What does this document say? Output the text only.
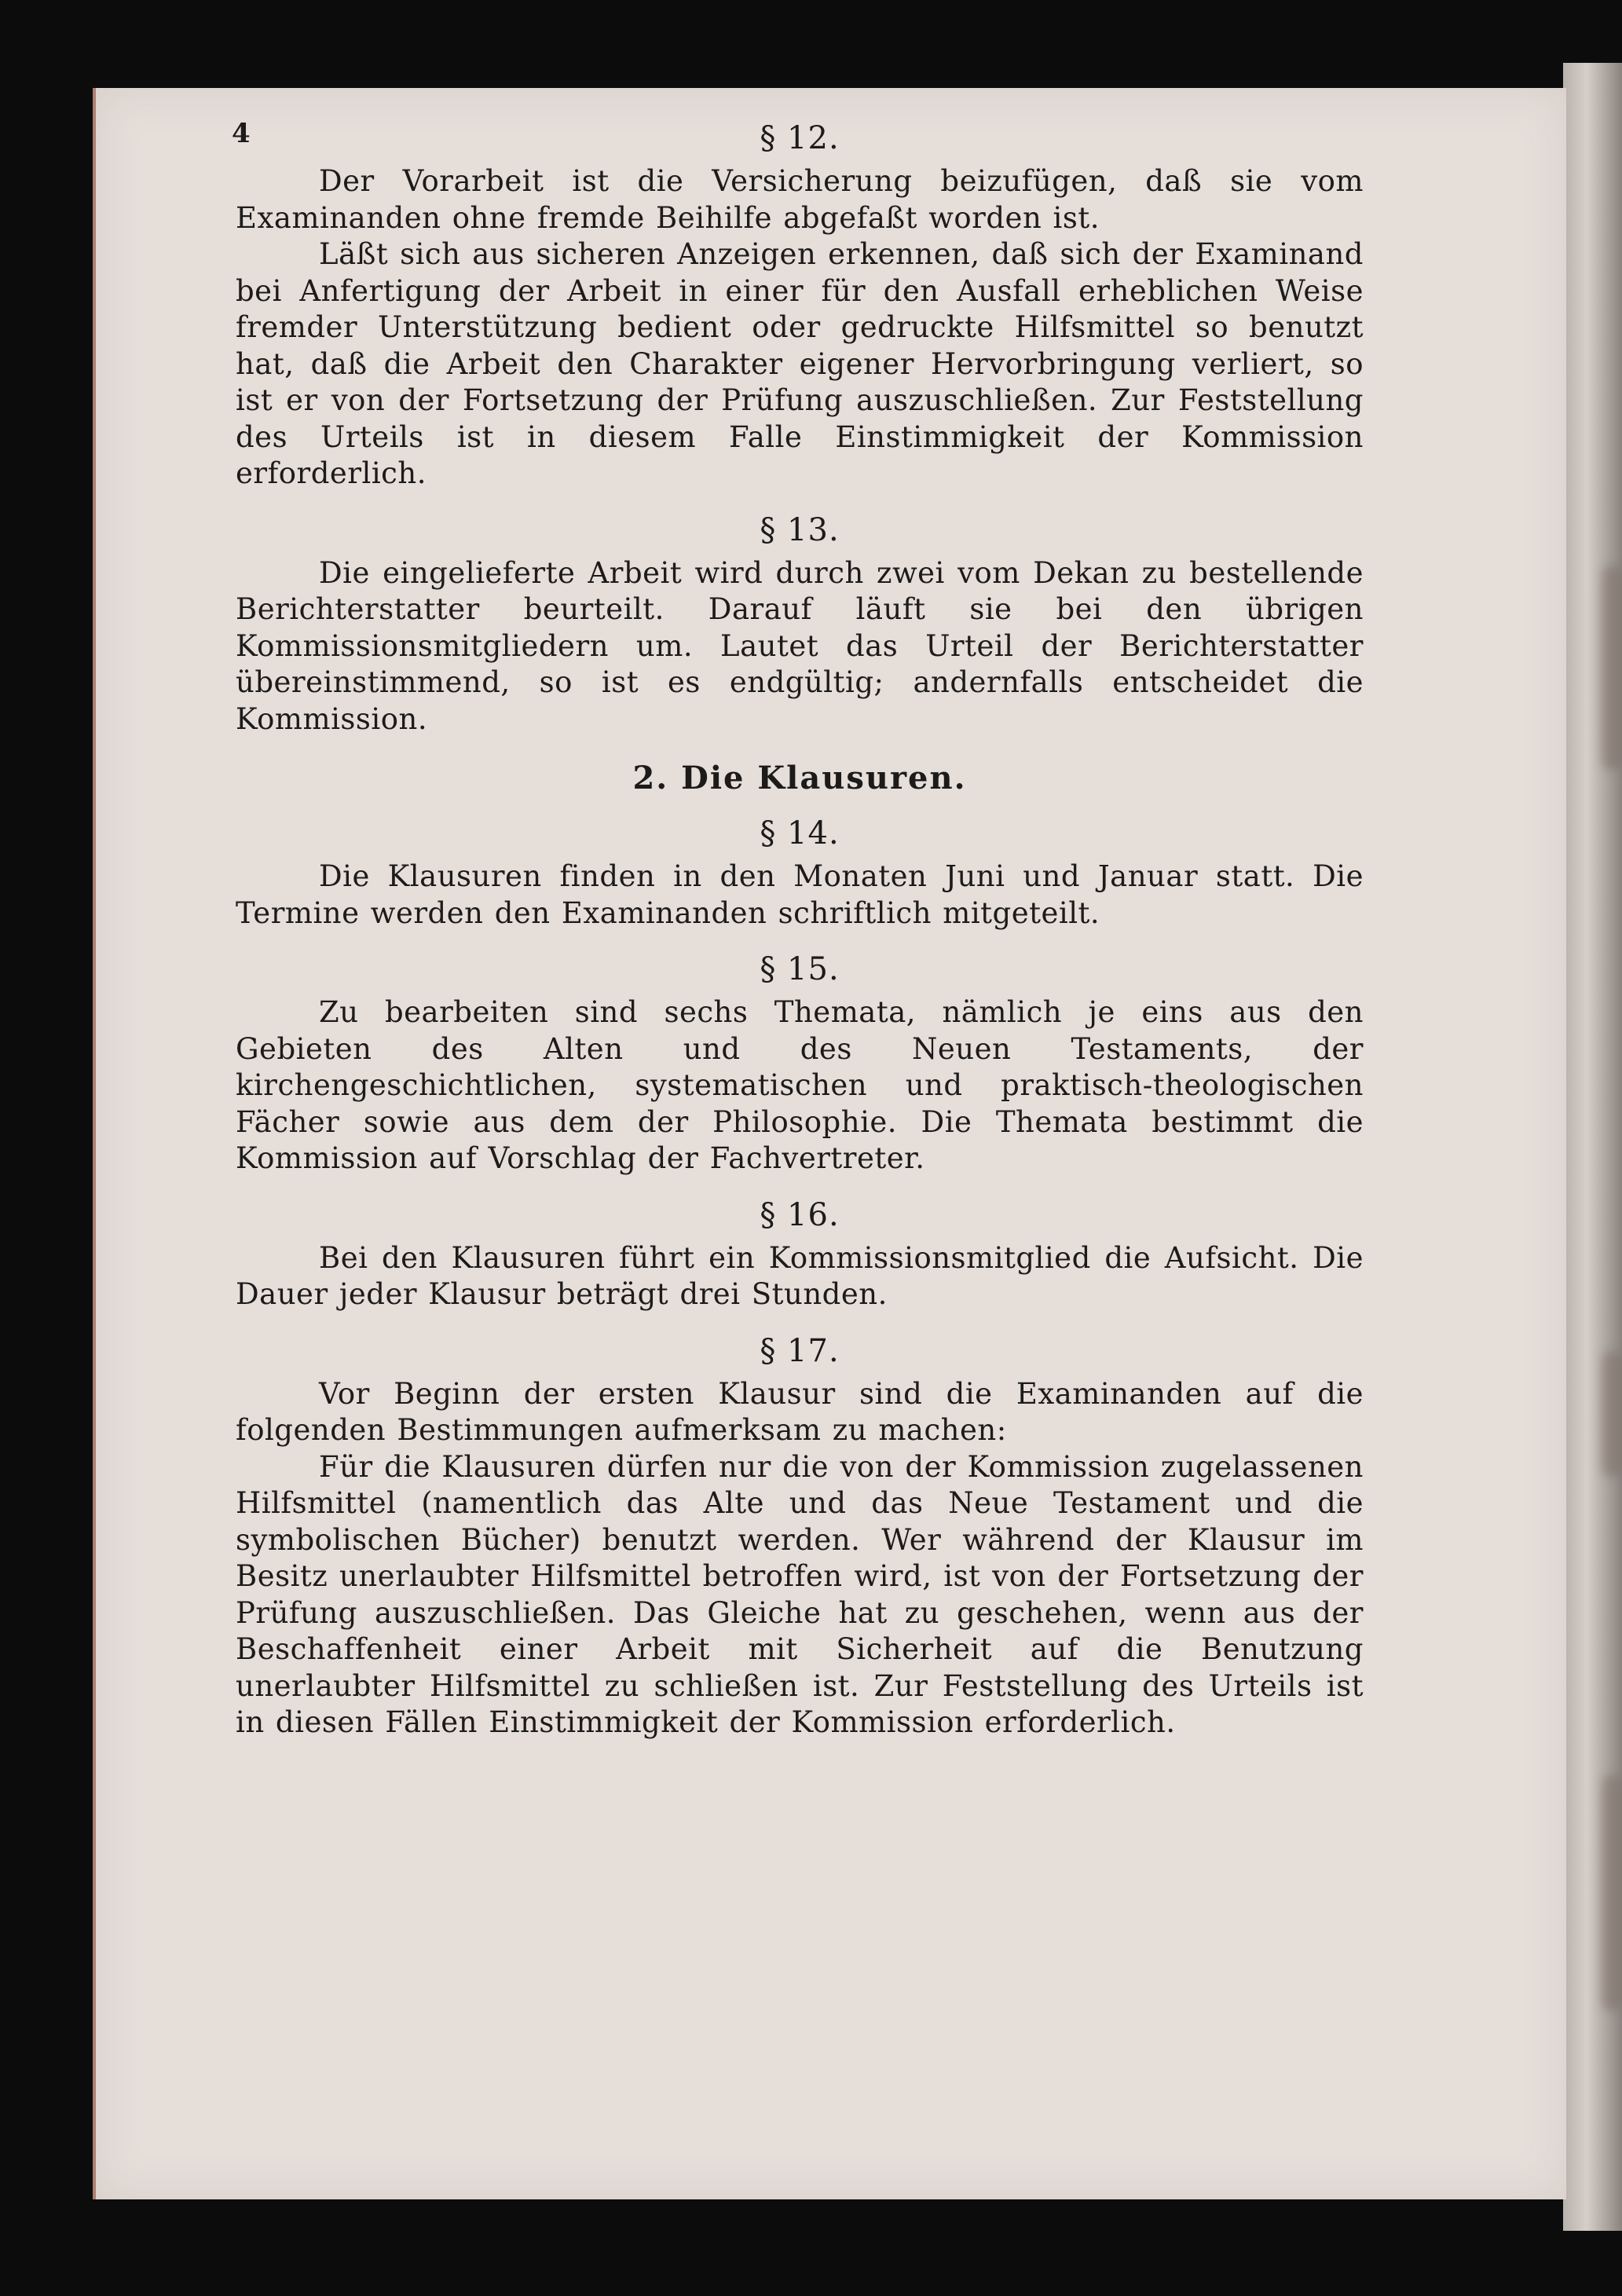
4	§ 12.

Der Vorarbeit ist die Versicherung beizufügen, daß sie vom Examinanden ohne fremde Beihilfe abgefaßt worden ist.

Läßt sich aus sicheren Anzeigen erkennen, daß sich der Examinand bei Anfertigung der Arbeit in einer für den Ausfall erheblichen Weise fremder Unterstützung bedient oder gedruckte Hilfsmittel so benutzt hat, daß die Arbeit den Charakter eigener Hervorbringung verliert, so ist er von der Fortsetzung der Prüfung auszuschließen. Zur Feststellung des Urteils ist in diesem Falle Einstimmigkeit der Kommission erforderlich.

§ 13.

Die eingelieferte Arbeit wird durch zwei vom Dekan zu bestellende Berichterstatter beurteilt. Darauf läuft sie bei den übrigen Kommissionsmitgliedern um. Lautet das Urteil der Berichterstatter übereinstimmend, so ist es endgültig; andernfalls entscheidet die Kommission.

2. Die Klausuren.
§ 14.

Die Klausuren finden in den Monaten Juni und Januar statt. Die Termine werden den Examinanden schriftlich mitgeteilt.

§ 15.

Zu bearbeiten sind sechs Themata, nämlich je eins aus den Gebieten des Alten und des Neuen Testaments, der kirchengeschichtlichen, systematischen und praktisch-theologischen Fächer sowie aus dem der Philosophie. Die Themata bestimmt die Kommission auf Vorschlag der Fachvertreter.

§ 16.

Bei den Klausuren führt ein Kommissionsmitglied die Aufsicht. Die Dauer jeder Klausur beträgt drei Stunden.

§ 17.

Vor Beginn der ersten Klausur sind die Examinanden auf die folgenden Bestimmungen aufmerksam zu machen:

Für die Klausuren dürfen nur die von der Kommission zugelassenen Hilfsmittel (namentlich das Alte und das Neue Testament und die symbolischen Bücher) benutzt werden. Wer während der Klausur im Besitz unerlaubter Hilfsmittel betroffen wird, ist von der Fortsetzung der Prüfung auszuschließen. Das Gleiche hat zu geschehen, wenn aus der Beschaffenheit einer Arbeit mit Sicherheit auf die Benutzung unerlaubter Hilfsmittel zu schließen ist. Zur Feststellung des Urteils ist in diesen Fällen Einstimmigkeit der Kommission erforderlich.
